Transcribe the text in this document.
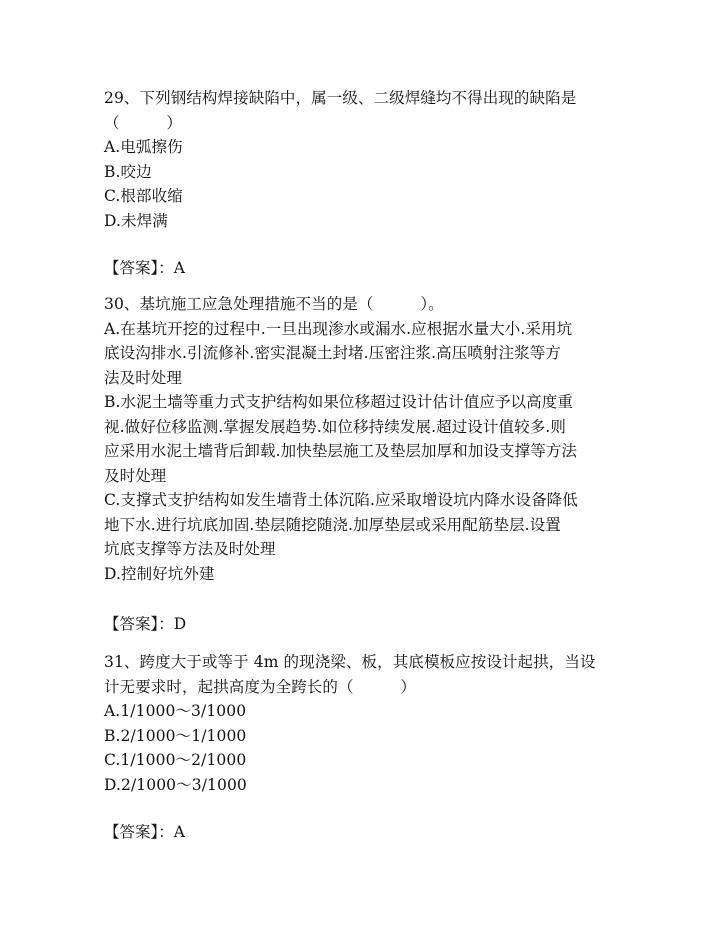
29、下列钢结构焊接缺陷中，属一级、二级焊缝均不得出现的缺陷是
（　　　）
A.电弧擦伤
B.咬边
C.根部收缩
D.未焊满
【答案】：A
30、基坑施工应急处理措施不当的是（　　　）。
A.在基坑开挖的过程中.一旦出现渗水或漏水.应根据水量大小.采用坑
底设沟排水.引流修补.密实混凝土封堵.压密注浆.高压喷射注浆等方
法及时处理
B.水泥土墙等重力式支护结构如果位移超过设计估计值应予以高度重
视.做好位移监测.掌握发展趋势.如位移持续发展.超过设计值较多.则
应采用水泥土墙背后卸载.加快垫层施工及垫层加厚和加设支撑等方法
及时处理
C.支撑式支护结构如发生墙背土体沉陷.应采取增设坑内降水设备降低
地下水.进行坑底加固.垫层随挖随浇.加厚垫层或采用配筋垫层.设置
坑底支撑等方法及时处理
D.控制好坑外建
【答案】：D
31、跨度大于或等于 4m 的现浇梁、板，其底模板应按设计起拱，当设
计无要求时，起拱高度为全跨长的（　　　）
A.1/1000～3/1000
B.2/1000～1/1000
C.1/1000～2/1000
D.2/1000～3/1000
【答案】：A
